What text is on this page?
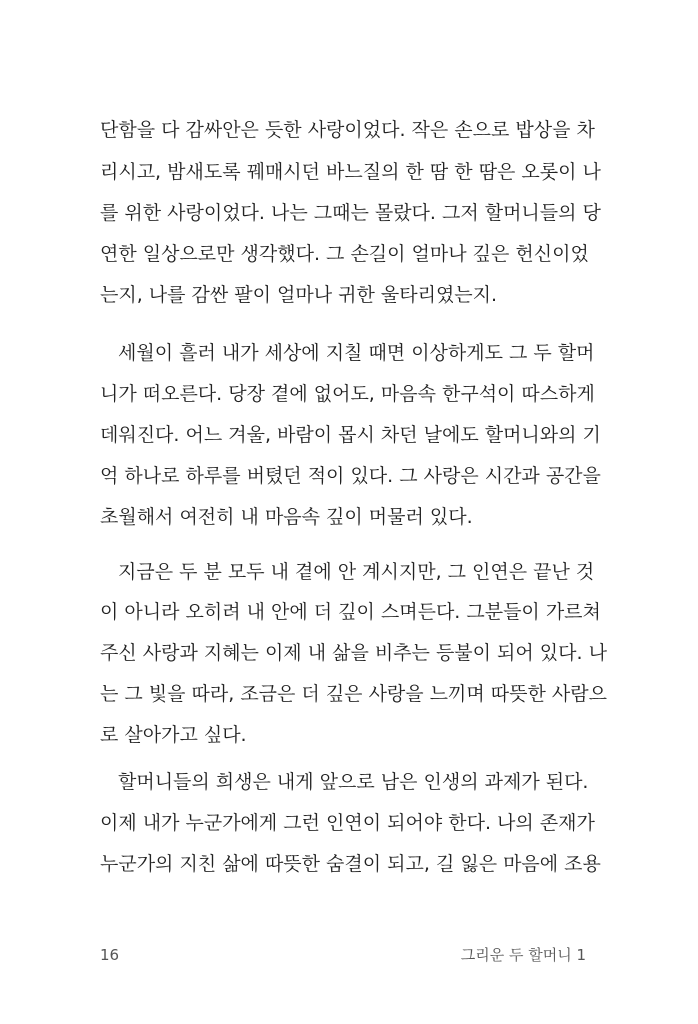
단함을 다 감싸안은 듯한 사랑이었다. 작은 손으로 밥상을 차
리시고, 밤새도록 꿰매시던 바느질의 한 땀 한 땀은 오롯이 나
를 위한 사랑이었다. 나는 그때는 몰랐다. 그저 할머니들의 당
연한 일상으로만 생각했다. 그 손길이 얼마나 깊은 헌신이었
는지, 나를 감싼 팔이 얼마나 귀한 울타리였는지.
세월이 흘러 내가 세상에 지칠 때면 이상하게도 그 두 할머
니가 떠오른다. 당장 곁에 없어도, 마음속 한구석이 따스하게
데워진다. 어느 겨울, 바람이 몹시 차던 날에도 할머니와의 기
억 하나로 하루를 버텼던 적이 있다. 그 사랑은 시간과 공간을
초월해서 여전히 내 마음속 깊이 머물러 있다.
지금은 두 분 모두 내 곁에 안 계시지만, 그 인연은 끝난 것
이 아니라 오히려 내 안에 더 깊이 스며든다. 그분들이 가르쳐
주신 사랑과 지혜는 이제 내 삶을 비추는 등불이 되어 있다. 나
는 그 빛을 따라, 조금은 더 깊은 사랑을 느끼며 따뜻한 사람으
로 살아가고 싶다.
할머니들의 희생은 내게 앞으로 남은 인생의 과제가 된다.
이제 내가 누군가에게 그런 인연이 되어야 한다. 나의 존재가
누군가의 지친 삶에 따뜻한 숨결이 되고, 길 잃은 마음에 조용
16	그리운 두 할머니 1
